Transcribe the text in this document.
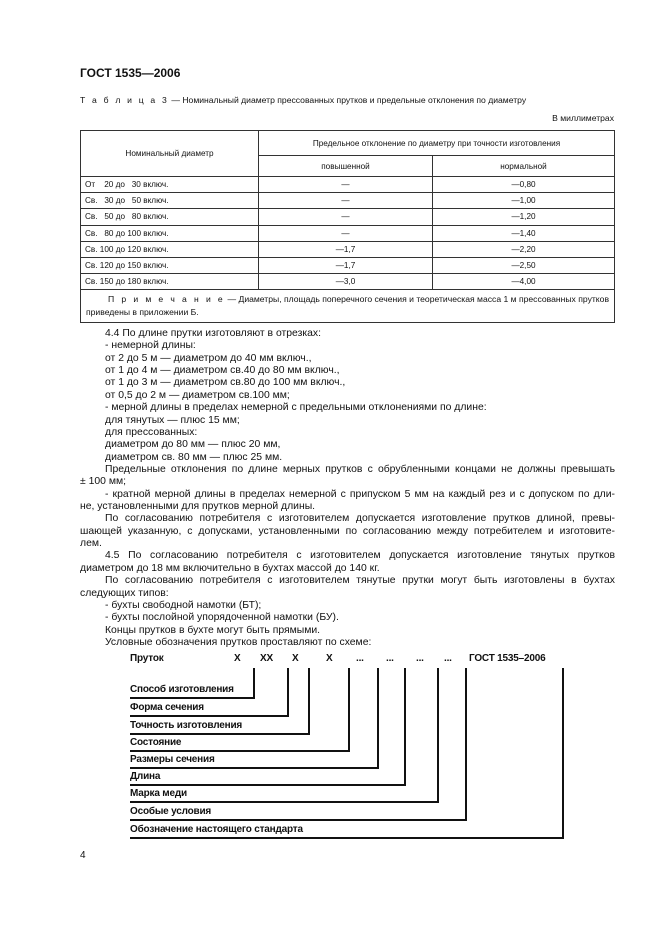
ГОСТ 1535—2006
Т а б л и ц а 3 — Номинальный диаметр прессованных прутков и предельные отклонения по диаметру
В миллиметрах
Номинальный диаметр	Предельное отклонение по диаметру при точности изготовления	
	повышенной	нормальной
От    20 до   30 включ.	—	—0,80
Св.   30 до   50 включ.	—	—1,00
Св.   50 до   80 включ.	—	—1,20
Св.   80 до 100 включ.	—	—1,40
Св. 100 до 120 включ.	—1,7	—2,20
Св. 120 до 150 включ.	—1,7	—2,50
Св. 150 до 180 включ.	—3,0	—4,00
П р и м е ч а н и е — Диаметры, площадь поперечного сечения и теоретическая масса 1 м прессованных прутков приведены в приложении Б.		
4.4 По длине прутки изготовляют в отрезках:
- немерной длины:
от 2 до 5 м — диаметром до 40 мм включ.,
от 1 до 4 м — диаметром св.40 до 80 мм включ.,
от 1 до 3 м — диаметром св.80 до 100 мм включ.,
от 0,5 до 2 м — диаметром св.100 мм;
- мерной длины в пределах немерной с предельными отклонениями по длине:
для тянутых — плюс 15 мм;
для прессованных:
диаметром до 80 мм — плюс 20 мм,
диаметром св. 80 мм — плюс 25 мм.
Предельные отклонения по длине мерных прутков с обрубленными концами не должны превышать
± 100 мм;
- кратной мерной длины в пределах немерной с припуском 5 мм на каждый рез и с допуском по дли-
не, установленными для прутков мерной длины.
По согласованию потребителя с изготовителем допускается изготовление прутков длиной, превы-
шающей указанную, с допусками, установленными по согласованию между потребителем и изготовите-
лем.
4.5 По согласованию потребителя с изготовителем допускается изготовление тянутых прутков
диаметром до 18 мм включительно в бухтах массой до 140 кг.
По согласованию потребителя с изготовителем тянутые прутки могут быть изготовлены в бухтах
следующих типов:
- бухты свободной намотки (БТ);
- бухты послойной упорядоченной намотки (БУ).
Концы прутков в бухте могут быть прямыми.
Условные обозначения прутков проставляют по схеме:
Пруток	X XX X	X ... ... ... ... ГОСТ 1535–2006
Способ изготовления
Форма сечения
Точность изготовления
Состояние
Размеры сечения
Длина
Марка меди
Особые условия
Обозначение настоящего стандарта
4
